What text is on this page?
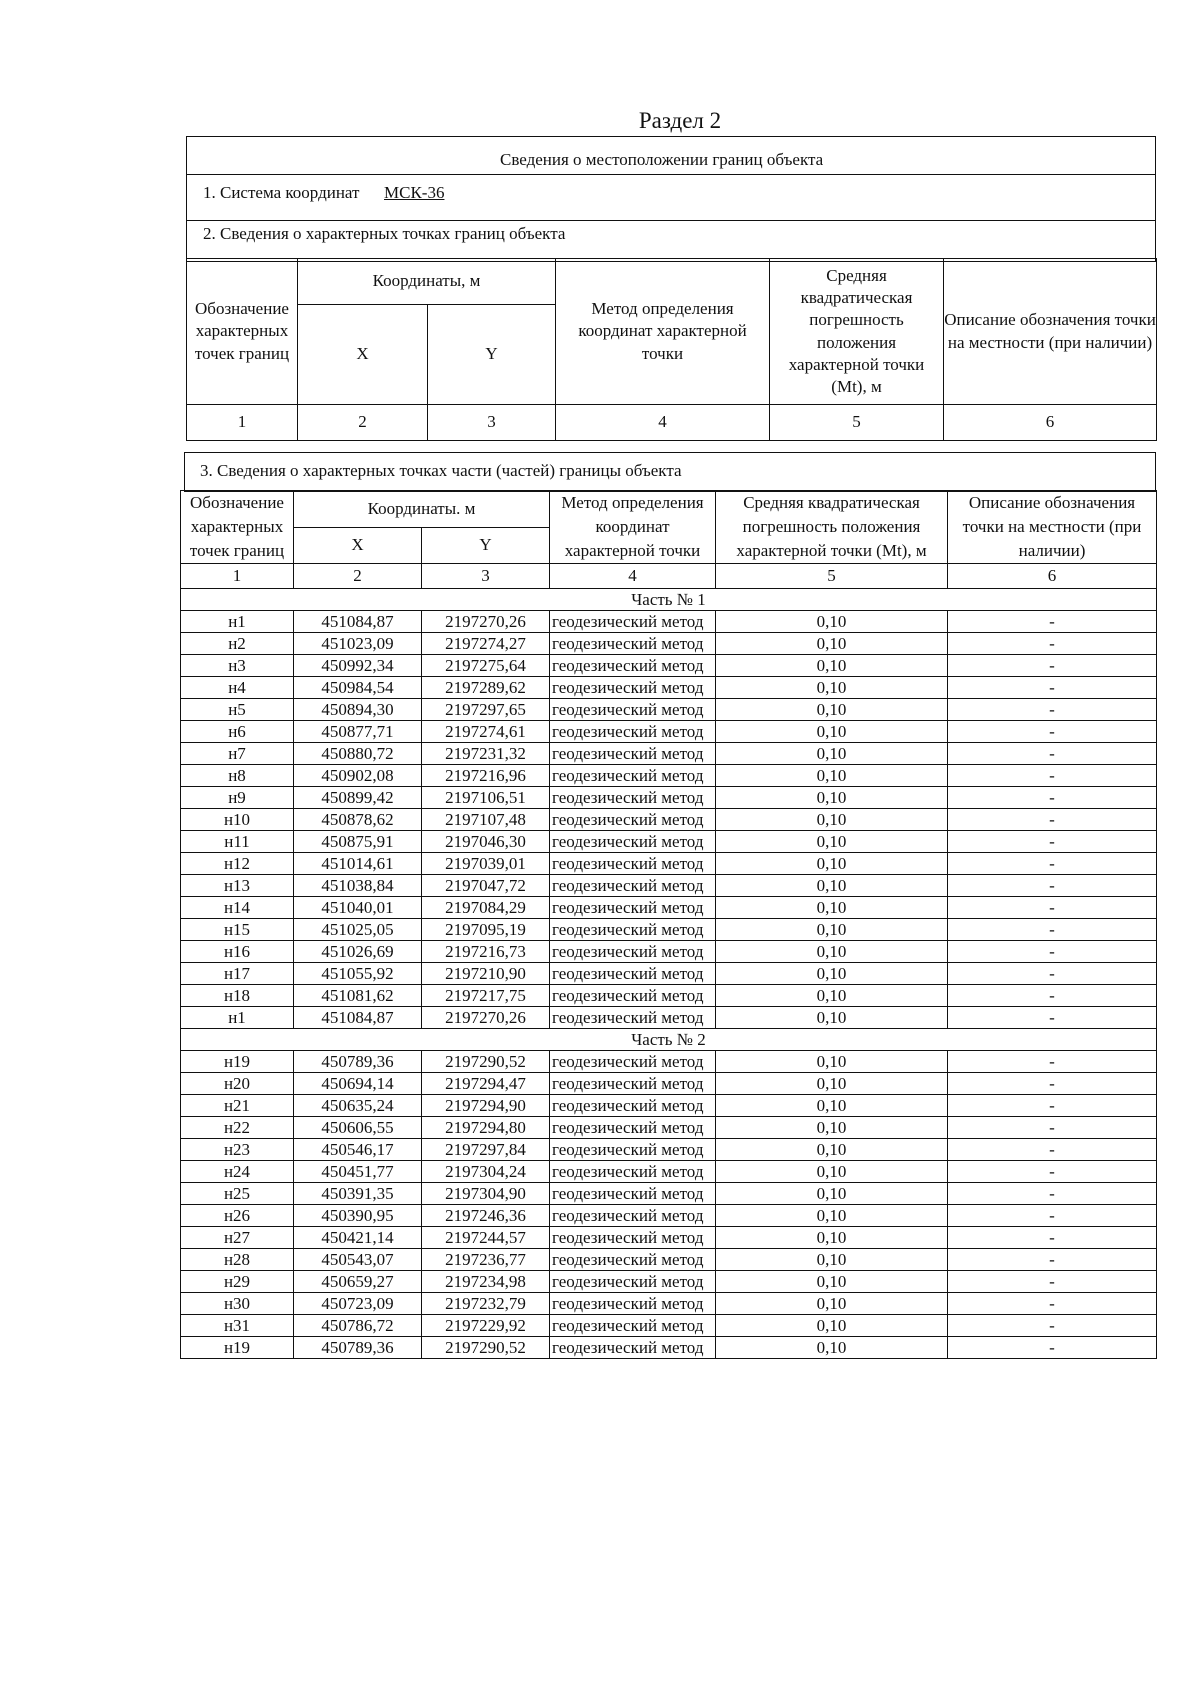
Раздел 2
Сведения о местоположении границ объекта
1. Система координат МСК-36
2. Сведения о характерных точках границ объекта
Обозначение характерных точек границ	Координаты, м		Метод определения координат характерной точки	Средняя квадратическая погрешность положения характерной точки (Mt), м	Описание обозначения точки на местности (при наличии)
	X	Y			
1	2	3	4	5	6
3. Сведения о характерных точках части (частей) границы объекта
Обозначение характерных точек границ	Координаты. м		Метод определения координат характерной точки	Средняя квадратическая погрешность положения характерной точки (Mt), м	Описание обозначения точки на местности (при наличии)
	X	Y			
1	2	3	4	5	6
Часть № 1					
н1	451084,87	2197270,26	геодезический метод	0,10	-
н2	451023,09	2197274,27	геодезический метод	0,10	-
н3	450992,34	2197275,64	геодезический метод	0,10	-
н4	450984,54	2197289,62	геодезический метод	0,10	-
н5	450894,30	2197297,65	геодезический метод	0,10	-
н6	450877,71	2197274,61	геодезический метод	0,10	-
н7	450880,72	2197231,32	геодезический метод	0,10	-
н8	450902,08	2197216,96	геодезический метод	0,10	-
н9	450899,42	2197106,51	геодезический метод	0,10	-
н10	450878,62	2197107,48	геодезический метод	0,10	-
н11	450875,91	2197046,30	геодезический метод	0,10	-
н12	451014,61	2197039,01	геодезический метод	0,10	-
н13	451038,84	2197047,72	геодезический метод	0,10	-
н14	451040,01	2197084,29	геодезический метод	0,10	-
н15	451025,05	2197095,19	геодезический метод	0,10	-
н16	451026,69	2197216,73	геодезический метод	0,10	-
н17	451055,92	2197210,90	геодезический метод	0,10	-
н18	451081,62	2197217,75	геодезический метод	0,10	-
н1	451084,87	2197270,26	геодезический метод	0,10	-
Часть № 2					
н19	450789,36	2197290,52	геодезический метод	0,10	-
н20	450694,14	2197294,47	геодезический метод	0,10	-
н21	450635,24	2197294,90	геодезический метод	0,10	-
н22	450606,55	2197294,80	геодезический метод	0,10	-
н23	450546,17	2197297,84	геодезический метод	0,10	-
н24	450451,77	2197304,24	геодезический метод	0,10	-
н25	450391,35	2197304,90	геодезический метод	0,10	-
н26	450390,95	2197246,36	геодезический метод	0,10	-
н27	450421,14	2197244,57	геодезический метод	0,10	-
н28	450543,07	2197236,77	геодезический метод	0,10	-
н29	450659,27	2197234,98	геодезический метод	0,10	-
н30	450723,09	2197232,79	геодезический метод	0,10	-
н31	450786,72	2197229,92	геодезический метод	0,10	-
н19	450789,36	2197290,52	геодезический метод	0,10	-
